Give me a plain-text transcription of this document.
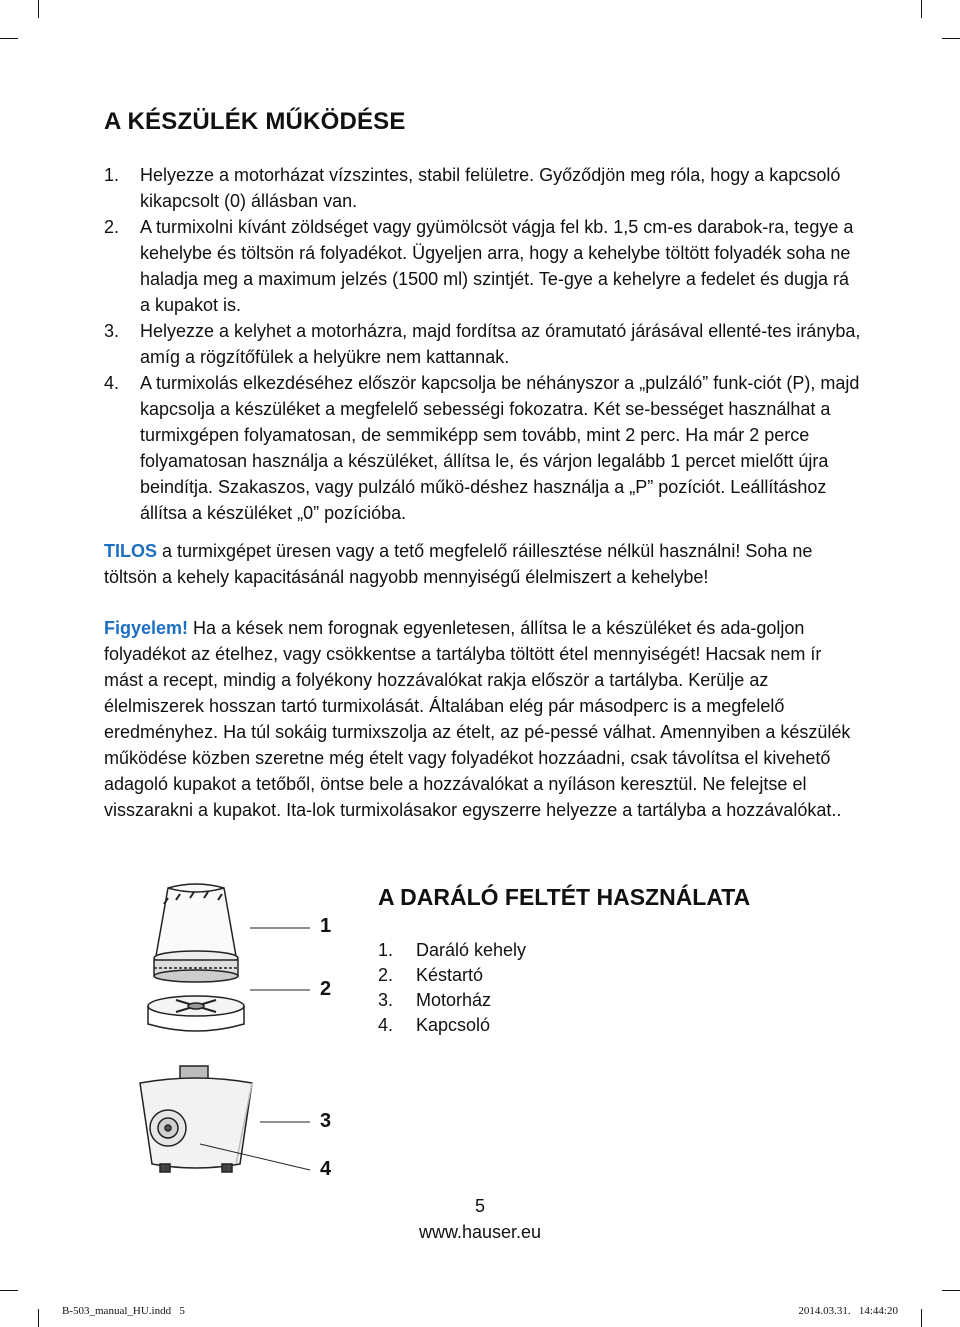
A KÉSZÜLÉK MŰKÖDÉSE
1. Helyezze a motorházat vízszintes, stabil felületre. Győződjön meg róla, hogy a kapcsoló kikapcsolt (0) állásban van.
2. A turmixolni kívánt zöldséget vagy gyümölcsöt vágja fel kb. 1,5 cm-es darabok-ra, tegye a kehelybe és töltsön rá folyadékot. Ügyeljen arra, hogy a kehelybe töltött folyadék soha ne haladja meg a maximum jelzés (1500 ml) szintjét. Te-gye a kehelyre a fedelet és dugja rá a kupakot is.
3. Helyezze a kelyhet a motorházra, majd fordítsa az óramutató járásával ellenté-tes irányba, amíg a rögzítőfülek a helyükre nem kattannak.
4. A turmixolás elkezdéséhez először kapcsolja be néhányszor a „pulzáló” funk-ciót (P), majd kapcsolja a készüléket a megfelelő sebességi fokozatra. Két se-bességet használhat a turmixgépen folyamatosan, de semmiképp sem tovább, mint 2 perc. Ha már 2 perce folyamatosan használja a készüléket, állítsa le, és várjon legalább 1 percet mielőtt újra beindítja. Szakaszos, vagy pulzáló műkö-déshez használja a „P” pozíciót. Leállításhoz állítsa a készüléket „0” pozícióba.

TILOS a turmixgépet üresen vagy a tető megfelelő ráillesztése nélkül használni! Soha ne töltsön a kehely kapacitásánál nagyobb mennyiségű élelmiszert a kehelybe!

Figyelem! Ha a kések nem forognak egyenletesen, állítsa le a készüléket és ada-goljon folyadékot az ételhez, vagy csökkentse a tartályba töltött étel mennyiségét! Hacsak nem ír mást a recept, mindig a folyékony hozzávalókat rakja először a tartályba. Kerülje az élelmiszerek hosszan tartó turmixolását. Általában elég pár másodperc is a megfelelő eredményhez. Ha túl sokáig turmixszolja az ételt, az pé-pessé válhat. Amennyiben a készülék működése közben szeretne még ételt vagy folyadékot hozzáadni, csak távolítsa el kivehető adagoló kupakot a tetőből, öntse bele a hozzávalókat a nyíláson keresztül. Ne felejtse el visszarakni a kupakot. Ita-lok turmixolásakor egyszerre helyezze a tartályba a hozzávalókat..

1
2
3
4
A DARÁLÓ FELTÉT HASZNÁLATA
1. Daráló kehely
2. Késtartó
3. Motorház
4. Kapcsoló
5
www.hauser.eu
B-503_manual_HU.indd   5	2014.03.31.   14:44:20
